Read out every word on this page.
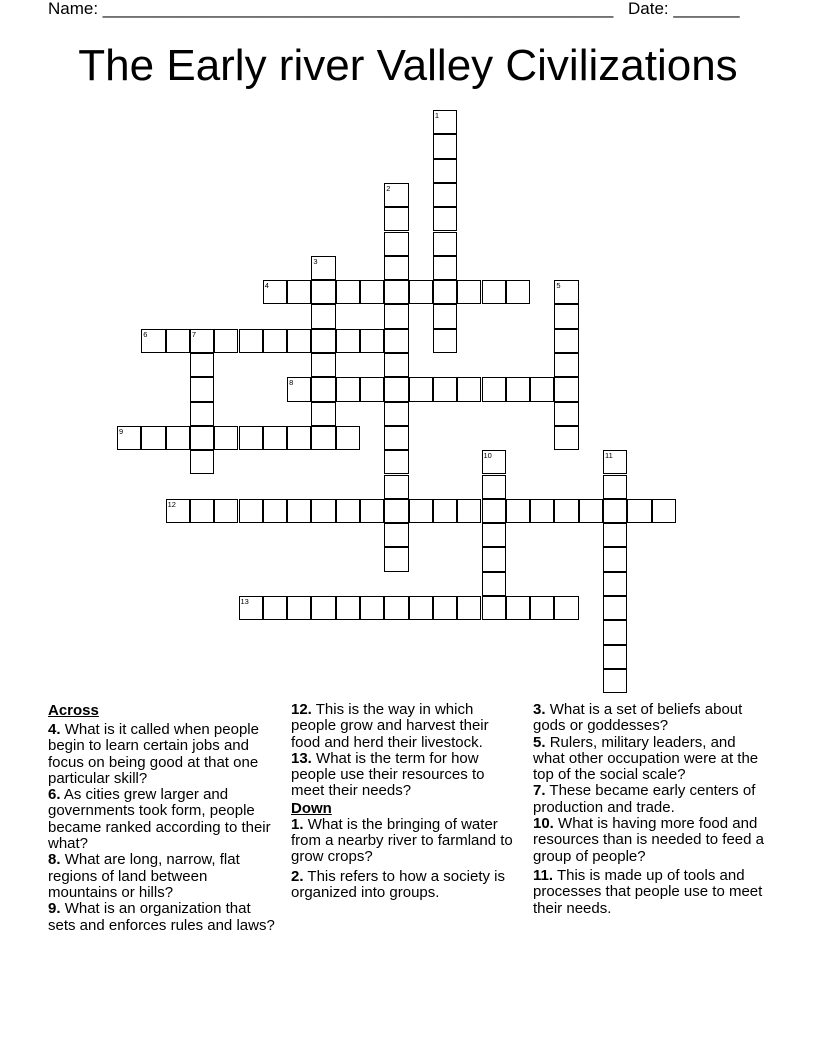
Name: ______________________________________________________ Date: _______
The Early river Valley Civilizations
1
2
3
4	5
6	7
8
9
10	11
12
13
Across
4. What is it called when people begin to learn certain jobs and focus on being good at that one particular skill?
6. As cities grew larger and governments took form, people became ranked according to their what?
8. What are long, narrow, flat regions of land between mountains or hills?
9. What is an organization that sets and enforces rules and laws?
12. This is the way in which people grow and harvest their food and herd their livestock.
13. What is the term for how people use their resources to meet their needs?
Down
1. What is the bringing of water from a nearby river to farmland to grow crops?
2. This refers to how a society is organized into groups.
3. What is a set of beliefs about gods or goddesses?
5. Rulers, military leaders, and what other occupation were at the top of the social scale?
7. These became early centers of production and trade.
10. What is having more food and resources than is needed to feed a group of people?
11. This is made up of tools and processes that people use to meet their needs.
